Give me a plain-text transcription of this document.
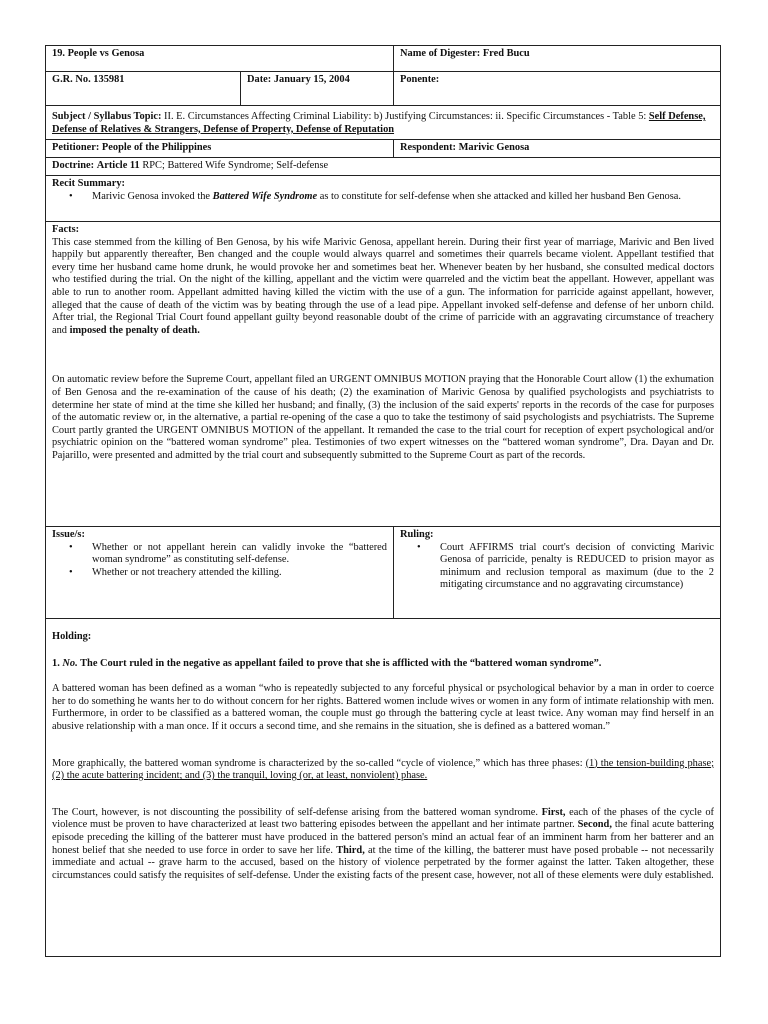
19. People vs Genosa	Name of Digester: Fred Bucu
G.R. No. 135981	Date: January 15, 2004	Ponente:
Subject / Syllabus Topic: II. E. Circumstances Affecting Criminal Liability: b) Justifying Circumstances: ii. Specific Circumstances - Table 5: Self Defense, Defense of Relatives & Strangers, Defense of Property, Defense of Reputation
Petitioner: People of the Philippines	Respondent: Marivic Genosa
Doctrine: Article 11 RPC; Battered Wife Syndrome; Self-defense
Recit Summary:
• Marivic Genosa invoked the Battered Wife Syndrome as to constitute for self-defense when she attacked and killed her husband Ben Genosa.
Facts:

This case stemmed from the killing of Ben Genosa, by his wife Marivic Genosa, appellant herein. During their first year of marriage, Marivic and Ben lived happily but apparently thereafter, Ben changed and the couple would always quarrel and sometimes their quarrels became violent. Appellant testified that every time her husband came home drunk, he would provoke her and sometimes beat her. Whenever beaten by her husband, she consulted medical doctors who testified during the trial. On the night of the killing, appellant and the victim were quarreled and the victim beat the appellant. However, appellant was able to run to another room. Appellant admitted having killed the victim with the use of a gun. The information for parricide against appellant, however, alleged that the cause of death of the victim was by beating through the use of a lead pipe. Appellant invoked self-defense and defense of her unborn child. After trial, the Regional Trial Court found appellant guilty beyond reasonable doubt of the crime of parricide with an aggravating circumstance of treachery and imposed the penalty of death.

On automatic review before the Supreme Court, appellant filed an URGENT OMNIBUS MOTION praying that the Honorable Court allow (1) the exhumation of Ben Genosa and the re-examination of the cause of his death; (2) the examination of Marivic Genosa by qualified psychologists and psychiatrists to determine her state of mind at the time she killed her husband; and finally, (3) the inclusion of the said experts' reports in the records of the case for purposes of the automatic review or, in the alternative, a partial re-opening of the case a quo to take the testimony of said psychologists and psychiatrists. The Supreme Court partly granted the URGENT OMNIBUS MOTION of the appellant. It remanded the case to the trial court for reception of expert psychological and/or psychiatric opinion on the “battered woman syndrome” plea. Testimonies of two expert witnesses on the “battered woman syndrome”, Dra. Dayan and Dr. Pajarillo, were presented and admitted by the trial court and subsequently submitted to the Supreme Court as part of the records.

Issue/s:
• Whether or not appellant herein can validly invoke the “battered woman syndrome” as constituting self-defense.
• Whether or not treachery attended the killing.
Ruling:
• Court AFFIRMS trial court's decision of convicting Marivic Genosa of parricide, penalty is REDUCED to prision mayor as minimum and reclusion temporal as maximum (due to the 2 mitigating circumstance and no aggravating circumstance)
Holding:

1. No. The Court ruled in the negative as appellant failed to prove that she is afflicted with the “battered woman syndrome”.

A battered woman has been defined as a woman “who is repeatedly subjected to any forceful physical or psychological behavior by a man in order to coerce her to do something he wants her to do without concern for her rights. Battered women include wives or women in any form of intimate relationship with men. Furthermore, in order to be classified as a battered woman, the couple must go through the battering cycle at least twice. Any woman may find herself in an abusive relationship with a man once. If it occurs a second time, and she remains in the situation, she is defined as a battered woman.”

More graphically, the battered woman syndrome is characterized by the so-called “cycle of violence,” which has three phases: (1) the tension-building phase; (2) the acute battering incident; and (3) the tranquil, loving (or, at least, nonviolent) phase.

The Court, however, is not discounting the possibility of self-defense arising from the battered woman syndrome. First, each of the phases of the cycle of violence must be proven to have characterized at least two battering episodes between the appellant and her intimate partner. Second, the final acute battering episode preceding the killing of the batterer must have produced in the battered person's mind an actual fear of an imminent harm from her batterer and an honest belief that she needed to use force in order to save her life. Third, at the time of the killing, the batterer must have posed probable -- not necessarily immediate and actual -- grave harm to the accused, based on the history of violence perpetrated by the former against the latter. Taken altogether, these circumstances could satisfy the requisites of self-defense. Under the existing facts of the present case, however, not all of these elements were duly established.
